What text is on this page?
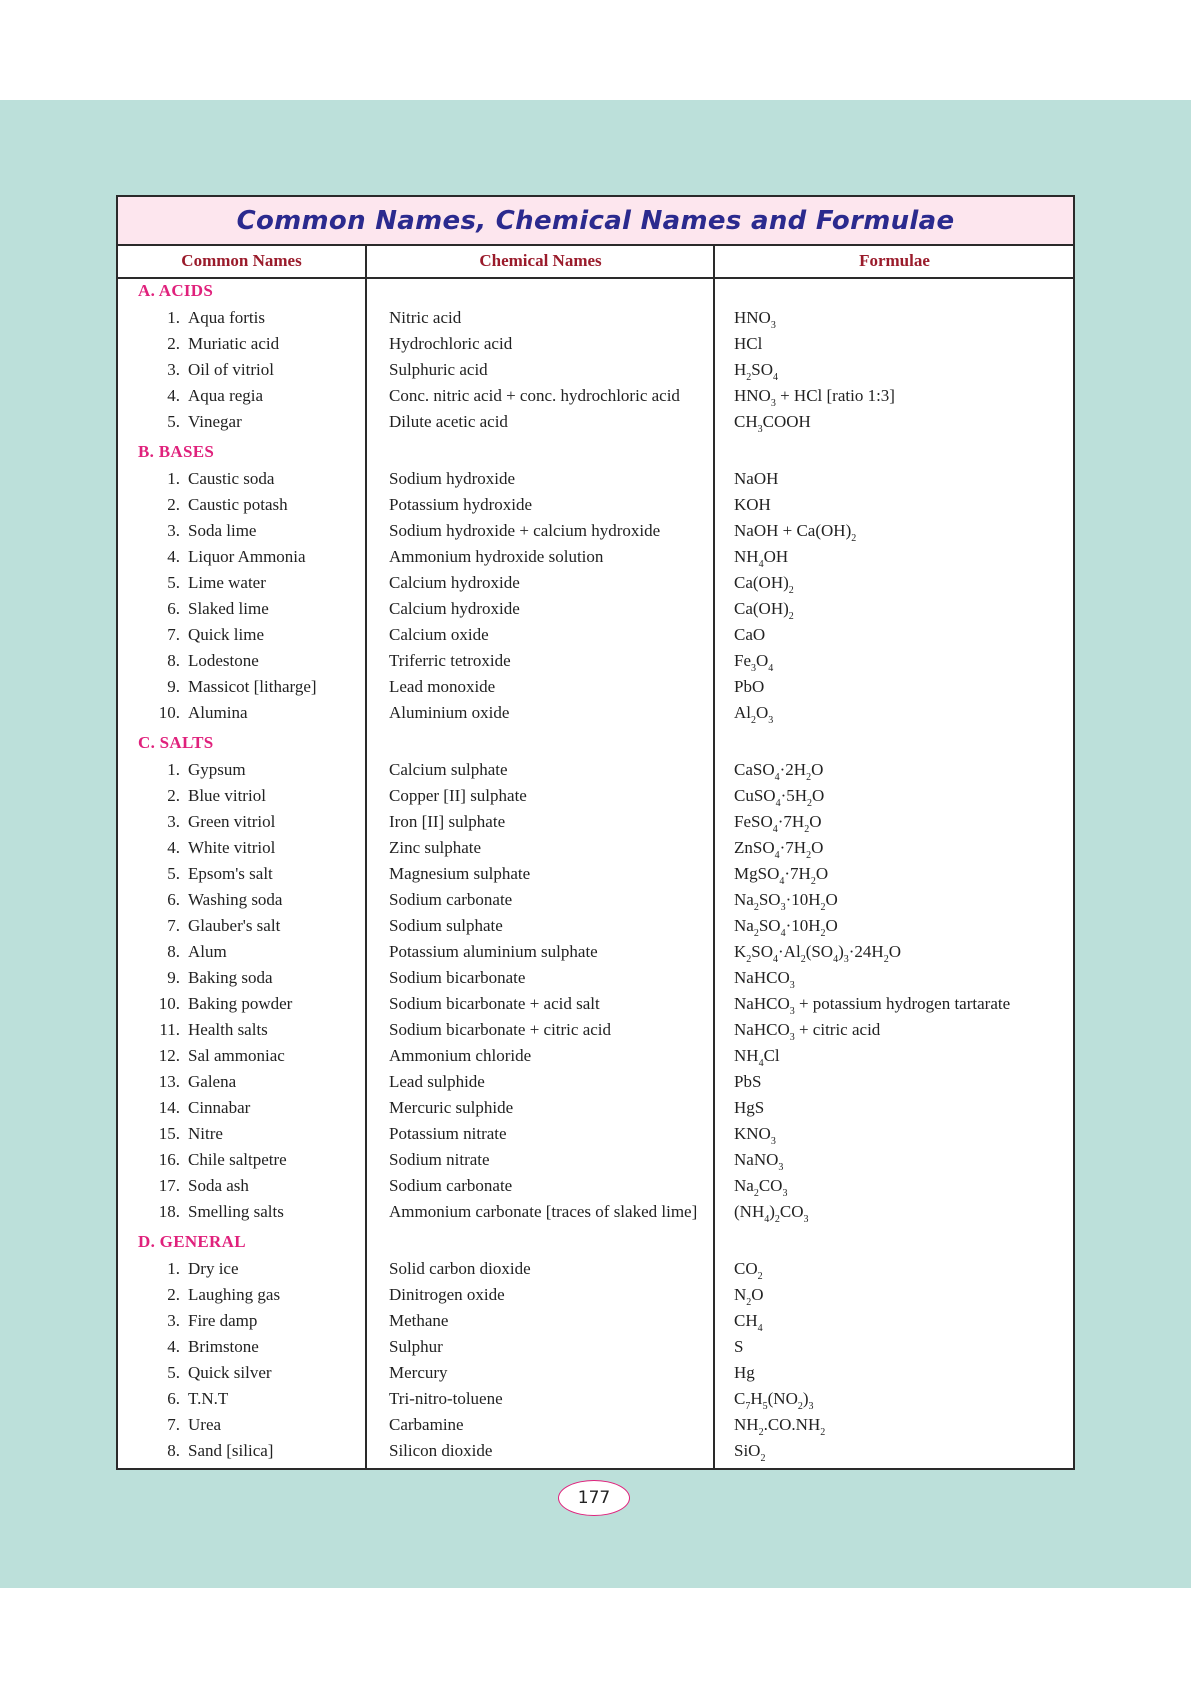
Common Names, Chemical Names and Formulae
Common Names	Chemical Names	Formulae
A. ACIDS
1. Aqua fortis	Nitric acid	$HNO_3$
2. Muriatic acid	Hydrochloric acid	HCl
3. Oil of vitriol	Sulphuric acid	$H_2SO_4$
4. Aqua regia	Conc. nitric acid + conc. hydrochloric acid	$HNO_3$ + HCl [ratio 1:3]
5. Vinegar	Dilute acetic acid	$CH_3COOH$
B. BASES
1. Caustic soda	Sodium hydroxide	NaOH
2. Caustic potash	Potassium hydroxide	KOH
3. Soda lime	Sodium hydroxide + calcium hydroxide	NaOH + $Ca(OH)_2$
4. Liquor Ammonia	Ammonium hydroxide solution	$NH_4OH$
5. Lime water	Calcium hydroxide	$Ca(OH)_2$
6. Slaked lime	Calcium hydroxide	$Ca(OH)_2$
7. Quick lime	Calcium oxide	CaO
8. Lodestone	Triferric tetroxide	$Fe_3O_4$
9. Massicot [litharge]	Lead monoxide	PbO
10. Alumina	Aluminium oxide	$Al_2O_3$
C. SALTS
1. Gypsum	Calcium sulphate	$CaSO_4\cdot 2H_2O$
2. Blue vitriol	Copper [II] sulphate	$CuSO_4\cdot 5H_2O$
3. Green vitriol	Iron [II] sulphate	$FeSO_4\cdot 7H_2O$
4. White vitriol	Zinc sulphate	$ZnSO_4\cdot 7H_2O$
5. Epsom's salt	Magnesium sulphate	$MgSO_4\cdot 7H_2O$
6. Washing soda	Sodium carbonate	$Na_2SO_3\cdot 10H_2O$
7. Glauber's salt	Sodium sulphate	$Na_2SO_4\cdot 10H_2O$
8. Alum	Potassium aluminium sulphate	$K_2SO_4\cdot Al_2(SO_4)_3\cdot 24H_2O$
9. Baking soda	Sodium bicarbonate	NaHCO$_3$
10. Baking powder	Sodium bicarbonate + acid salt	NaHCO$_3$ + potassium hydrogen tartarate
11. Health salts	Sodium bicarbonate + citric acid	NaHCO$_3$ + citric acid
12. Sal ammoniac	Ammonium chloride	$NH_4Cl$
13. Galena	Lead sulphide	PbS
14. Cinnabar	Mercuric sulphide	HgS
15. Nitre	Potassium nitrate	$KNO_3$
16. Chile saltpetre	Sodium nitrate	NaNO$_3$
17. Soda ash	Sodium carbonate	$Na_2CO_3$
18. Smelling salts	Ammonium carbonate [traces of slaked lime] $(NH_4)_2CO_3$
D. GENERAL
1. Dry ice	Solid carbon dioxide	$CO_2$
2. Laughing gas	Dinitrogen oxide	$N_2O$
3. Fire damp	Methane	$CH_4$
4. Brimstone	Sulphur	S
5. Quick silver	Mercury	Hg
6. T.N.T	Tri-nitro-toluene	$C_7H_5(NO_2)_3$
7. Urea	Carbamine	$NH_2.CO.NH_2$
8. Sand [silica]	Silicon dioxide	SiO$_2$
177
